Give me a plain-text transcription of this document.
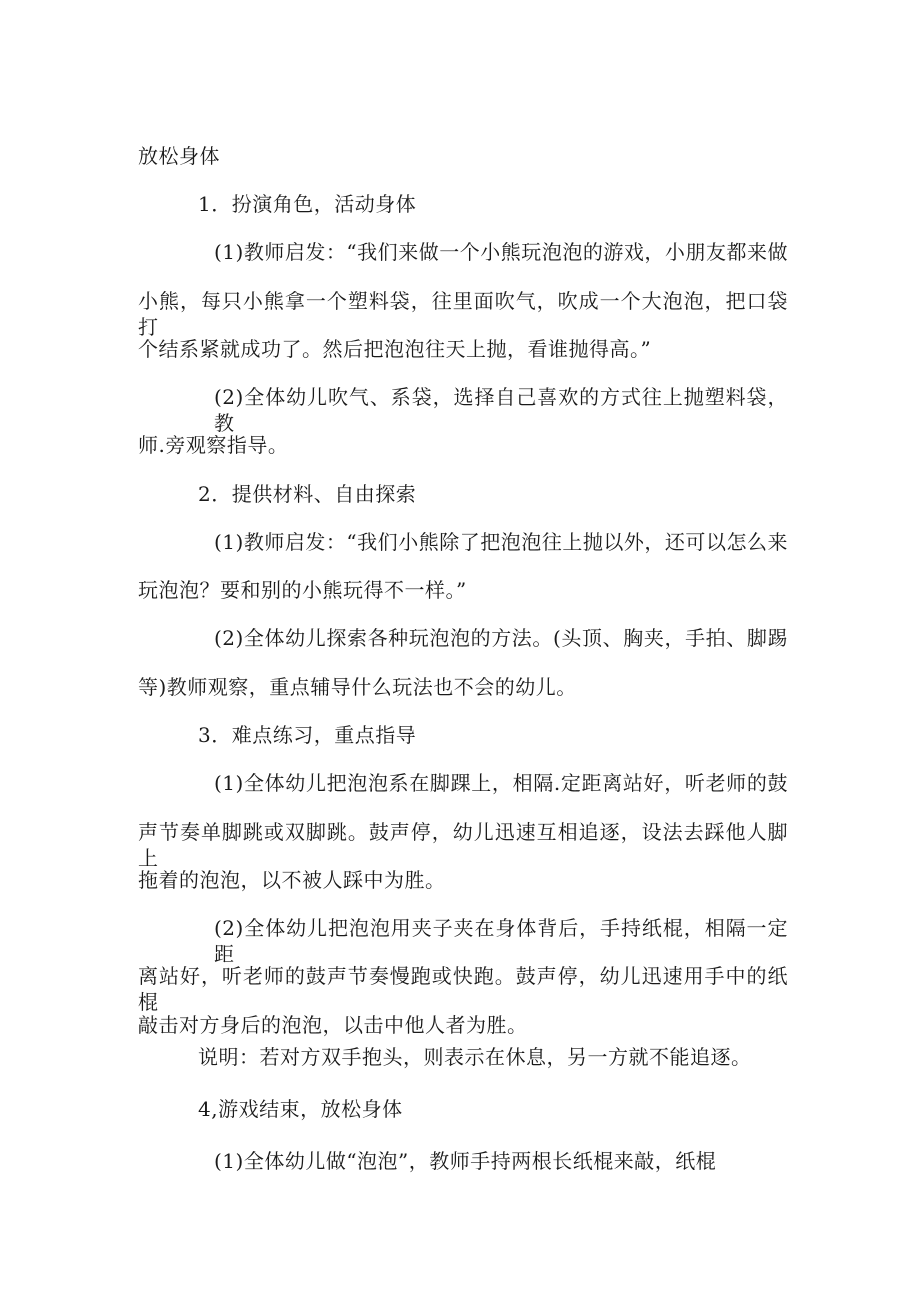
放松身体
1．扮演角色，活动身体
(1)教师启发：“我们来做一个小熊玩泡泡的游戏，小朋友都来做
小熊，每只小熊拿一个塑料袋，往里面吹气，吹成一个大泡泡，把口袋打
个结系紧就成功了。然后把泡泡往天上抛，看谁抛得高。”
(2)全体幼儿吹气、系袋，选择自己喜欢的方式往上抛塑料袋，教
师.旁观察指导。
2．提供材料、自由探索
(1)教师启发：“我们小熊除了把泡泡往上抛以外，还可以怎么来
玩泡泡？要和别的小熊玩得不一样。”
(2)全体幼儿探索各种玩泡泡的方法。(头顶、胸夹，手拍、脚踢
等)教师观察，重点辅导什么玩法也不会的幼儿。
3．难点练习，重点指导
(1)全体幼儿把泡泡系在脚踝上，相隔.定距离站好，听老师的鼓
声节奏单脚跳或双脚跳。鼓声停，幼儿迅速互相追逐，设法去踩他人脚上
拖着的泡泡，以不被人踩中为胜。
(2)全体幼儿把泡泡用夹子夹在身体背后，手持纸棍，相隔一定距
离站好，听老师的鼓声节奏慢跑或快跑。鼓声停，幼儿迅速用手中的纸棍
敲击对方身后的泡泡，以击中他人者为胜。
说明：若对方双手抱头，则表示在休息，另一方就不能追逐。
4,游戏结束，放松身体
(1)全体幼儿做“泡泡”，教师手持两根长纸棍来敲，纸棍
